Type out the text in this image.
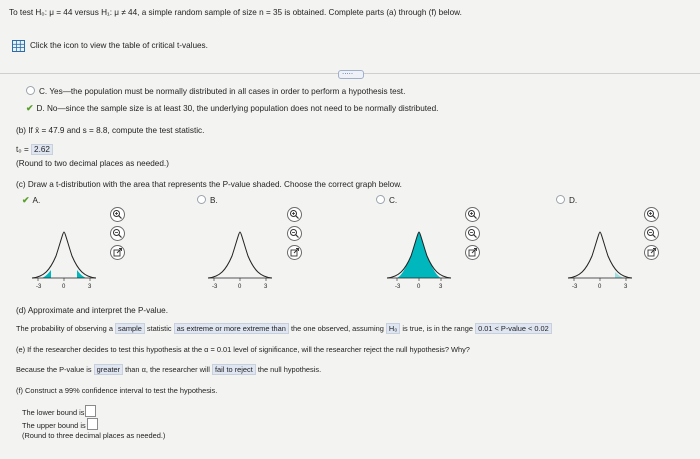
To test H₀: μ = 44 versus H₁: μ ≠ 44, a simple random sample of size n = 35 is obtained. Complete parts (a) through (f) below.
Click the icon to view the table of critical t-values.
.....
C. Yes—the population must be normally distributed in all cases in order to perform a hypothesis test.
✔ D. No—since the sample size is at least 30, the underlying population does not need to be normally distributed.
(b) If x̄ = 47.9 and s = 8.8, compute the test statistic.
t₀ = 2.62
(Round to two decimal places as needed.)
(c) Draw a t-distribution with the area that represents the P-value shaded. Choose the correct graph below.
✔ A.	B.	C.	D.
-3	0	3	-3	0	3	-3	0	3	-3	0	3
(d) Approximate and interpret the P-value.
The probability of observing a sample statistic as extreme or more extreme than the one observed, assuming H₀ is true, is in the range 0.01 < P-value < 0.02
(e) If the researcher decides to test this hypothesis at the α = 0.01 level of significance, will the researcher reject the null hypothesis? Why?
Because the P-value is greater than α, the researcher will fail to reject the null hypothesis.
(f) Construct a 99% confidence interval to test the hypothesis.
The lower bound is
The upper bound is
(Round to three decimal places as needed.)
